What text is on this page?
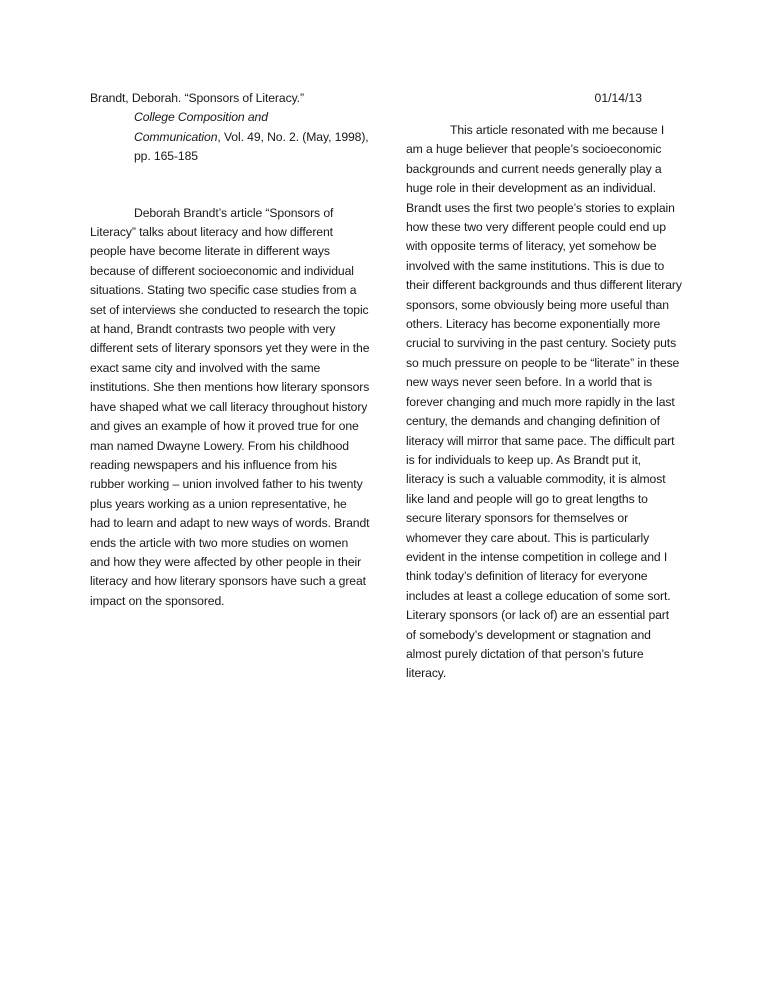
Brandt, Deborah. “Sponsors of Literacy.”
College Composition and
Communication, Vol. 49, No. 2. (May, 1998), pp. 165-185

Deborah Brandt’s article “Sponsors of Literacy” talks about literacy and how different people have become literate in different ways because of different socioeconomic and individual situations. Stating two specific case studies from a set of interviews she conducted to research the topic at hand, Brandt contrasts two people with very different sets of literary sponsors yet they were in the exact same city and involved with the same institutions. She then mentions how literary sponsors have shaped what we call literacy throughout history and gives an example of how it proved true for one man named Dwayne Lowery. From his childhood reading newspapers and his influence from his rubber working – union involved father to his twenty plus years working as a union representative, he had to learn and adapt to new ways of words. Brandt ends the article with two more studies on women and how they were affected by other people in their literacy and how literary sponsors have such a great impact on the sponsored.

01/14/13

This article resonated with me because I am a huge believer that people’s socioeconomic backgrounds and current needs generally play a huge role in their development as an individual. Brandt uses the first two people’s stories to explain how these two very different people could end up with opposite terms of literacy, yet somehow be involved with the same institutions. This is due to their different backgrounds and thus different literary sponsors, some obviously being more useful than others. Literacy has become exponentially more crucial to surviving in the past century. Society puts so much pressure on people to be “literate” in these new ways never seen before. In a world that is forever changing and much more rapidly in the last century, the demands and changing definition of literacy will mirror that same pace. The difficult part is for individuals to keep up. As Brandt put it, literacy is such a valuable commodity, it is almost like land and people will go to great lengths to secure literary sponsors for themselves or whomever they care about. This is particularly evident in the intense competition in college and I think today’s definition of literacy for everyone includes at least a college education of some sort. Literary sponsors (or lack of) are an essential part of somebody’s development or stagnation and almost purely dictation of that person’s future literacy.
